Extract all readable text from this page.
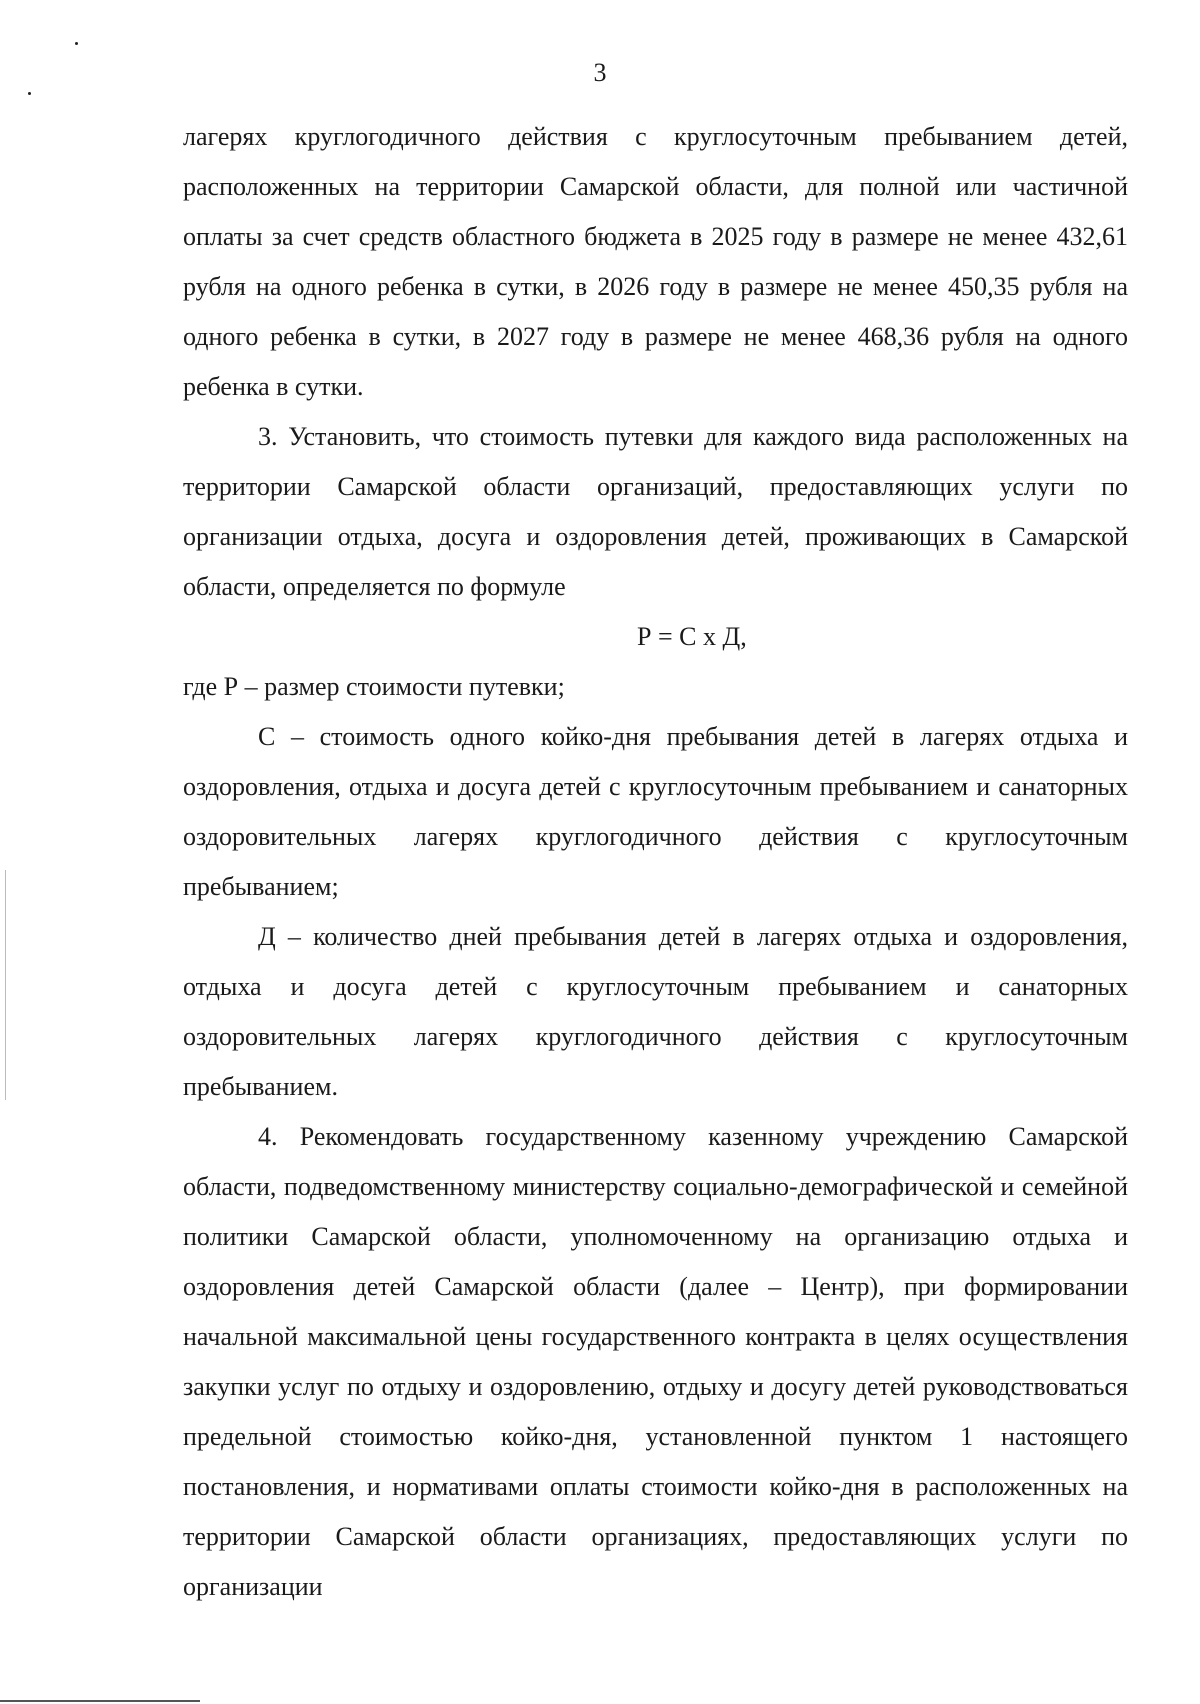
3

лагерях круглогодичного действия с круглосуточным пребыванием детей, расположенных на территории Самарской области, для полной или частичной оплаты за счет средств областного бюджета в 2025 году в размере не менее 432,61 рубля на одного ребенка в сутки, в 2026 году в размере не менее 450,35 рубля на одного ребенка в сутки, в 2027 году в размере не менее 468,36 рубля на одного ребенка в сутки.

3. Установить, что стоимость путевки для каждого вида расположенных на территории Самарской области организаций, предоставляющих услуги по организации отдыха, досуга и оздоровления детей, проживающих в Самарской области, определяется по формуле

Р = С х Д,

где Р – размер стоимости путевки;

С – стоимость одного койко-дня пребывания детей в лагерях отдыха и оздоровления, отдыха и досуга детей с круглосуточным пребыванием и санаторных оздоровительных лагерях круглогодичного действия с круглосуточным пребыванием;

Д – количество дней пребывания детей в лагерях отдыха и оздоровления, отдыха и досуга детей с круглосуточным пребыванием и санаторных оздоровительных лагерях круглогодичного действия с круглосуточным пребыванием.

4. Рекомендовать государственному казенному учреждению Самарской области, подведомственному министерству социально-демографической и семейной политики Самарской области, уполномоченному на организацию отдыха и оздоровления детей Самарской области (далее – Центр), при формировании начальной максимальной цены государственного контракта в целях осуществления закупки услуг по отдыху и оздоровлению, отдыху и досугу детей руководствоваться предельной стоимостью койко-дня, установленной пунктом 1 настоящего постановления, и нормативами оплаты стоимости койко-дня в расположенных на территории Самарской области организациях, предоставляющих услуги по организации
